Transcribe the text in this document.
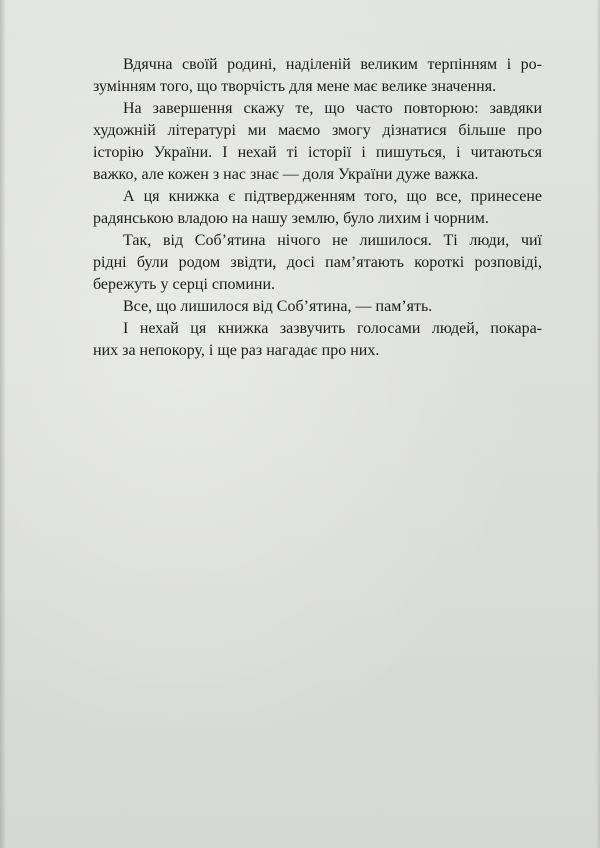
Вдячна своїй родині, наділеній великим терпінням і ро-
зумінням того, що творчість для мене має велике значення.

На завершення скажу те, що часто повторюю: завдяки
художній літературі ми маємо змогу дізнатися більше про
історію України. І нехай ті історії і пишуться, і читаються
важко, але кожен з нас знає — доля України дуже важка.

А ця книжка є підтвердженням того, що все, принесене
радянською владою на нашу землю, було лихим і чорним.

Так, від Соб’ятина нічого не лишилося. Ті люди, чиї
рідні були родом звідти, досі пам’ятають короткі розповіді,
бережуть у серці спомини.

Все, що лишилося від Соб’ятина, — пам’ять.

І нехай ця книжка зазвучить голосами людей, покара-
них за непокору, і ще раз нагадає про них.
